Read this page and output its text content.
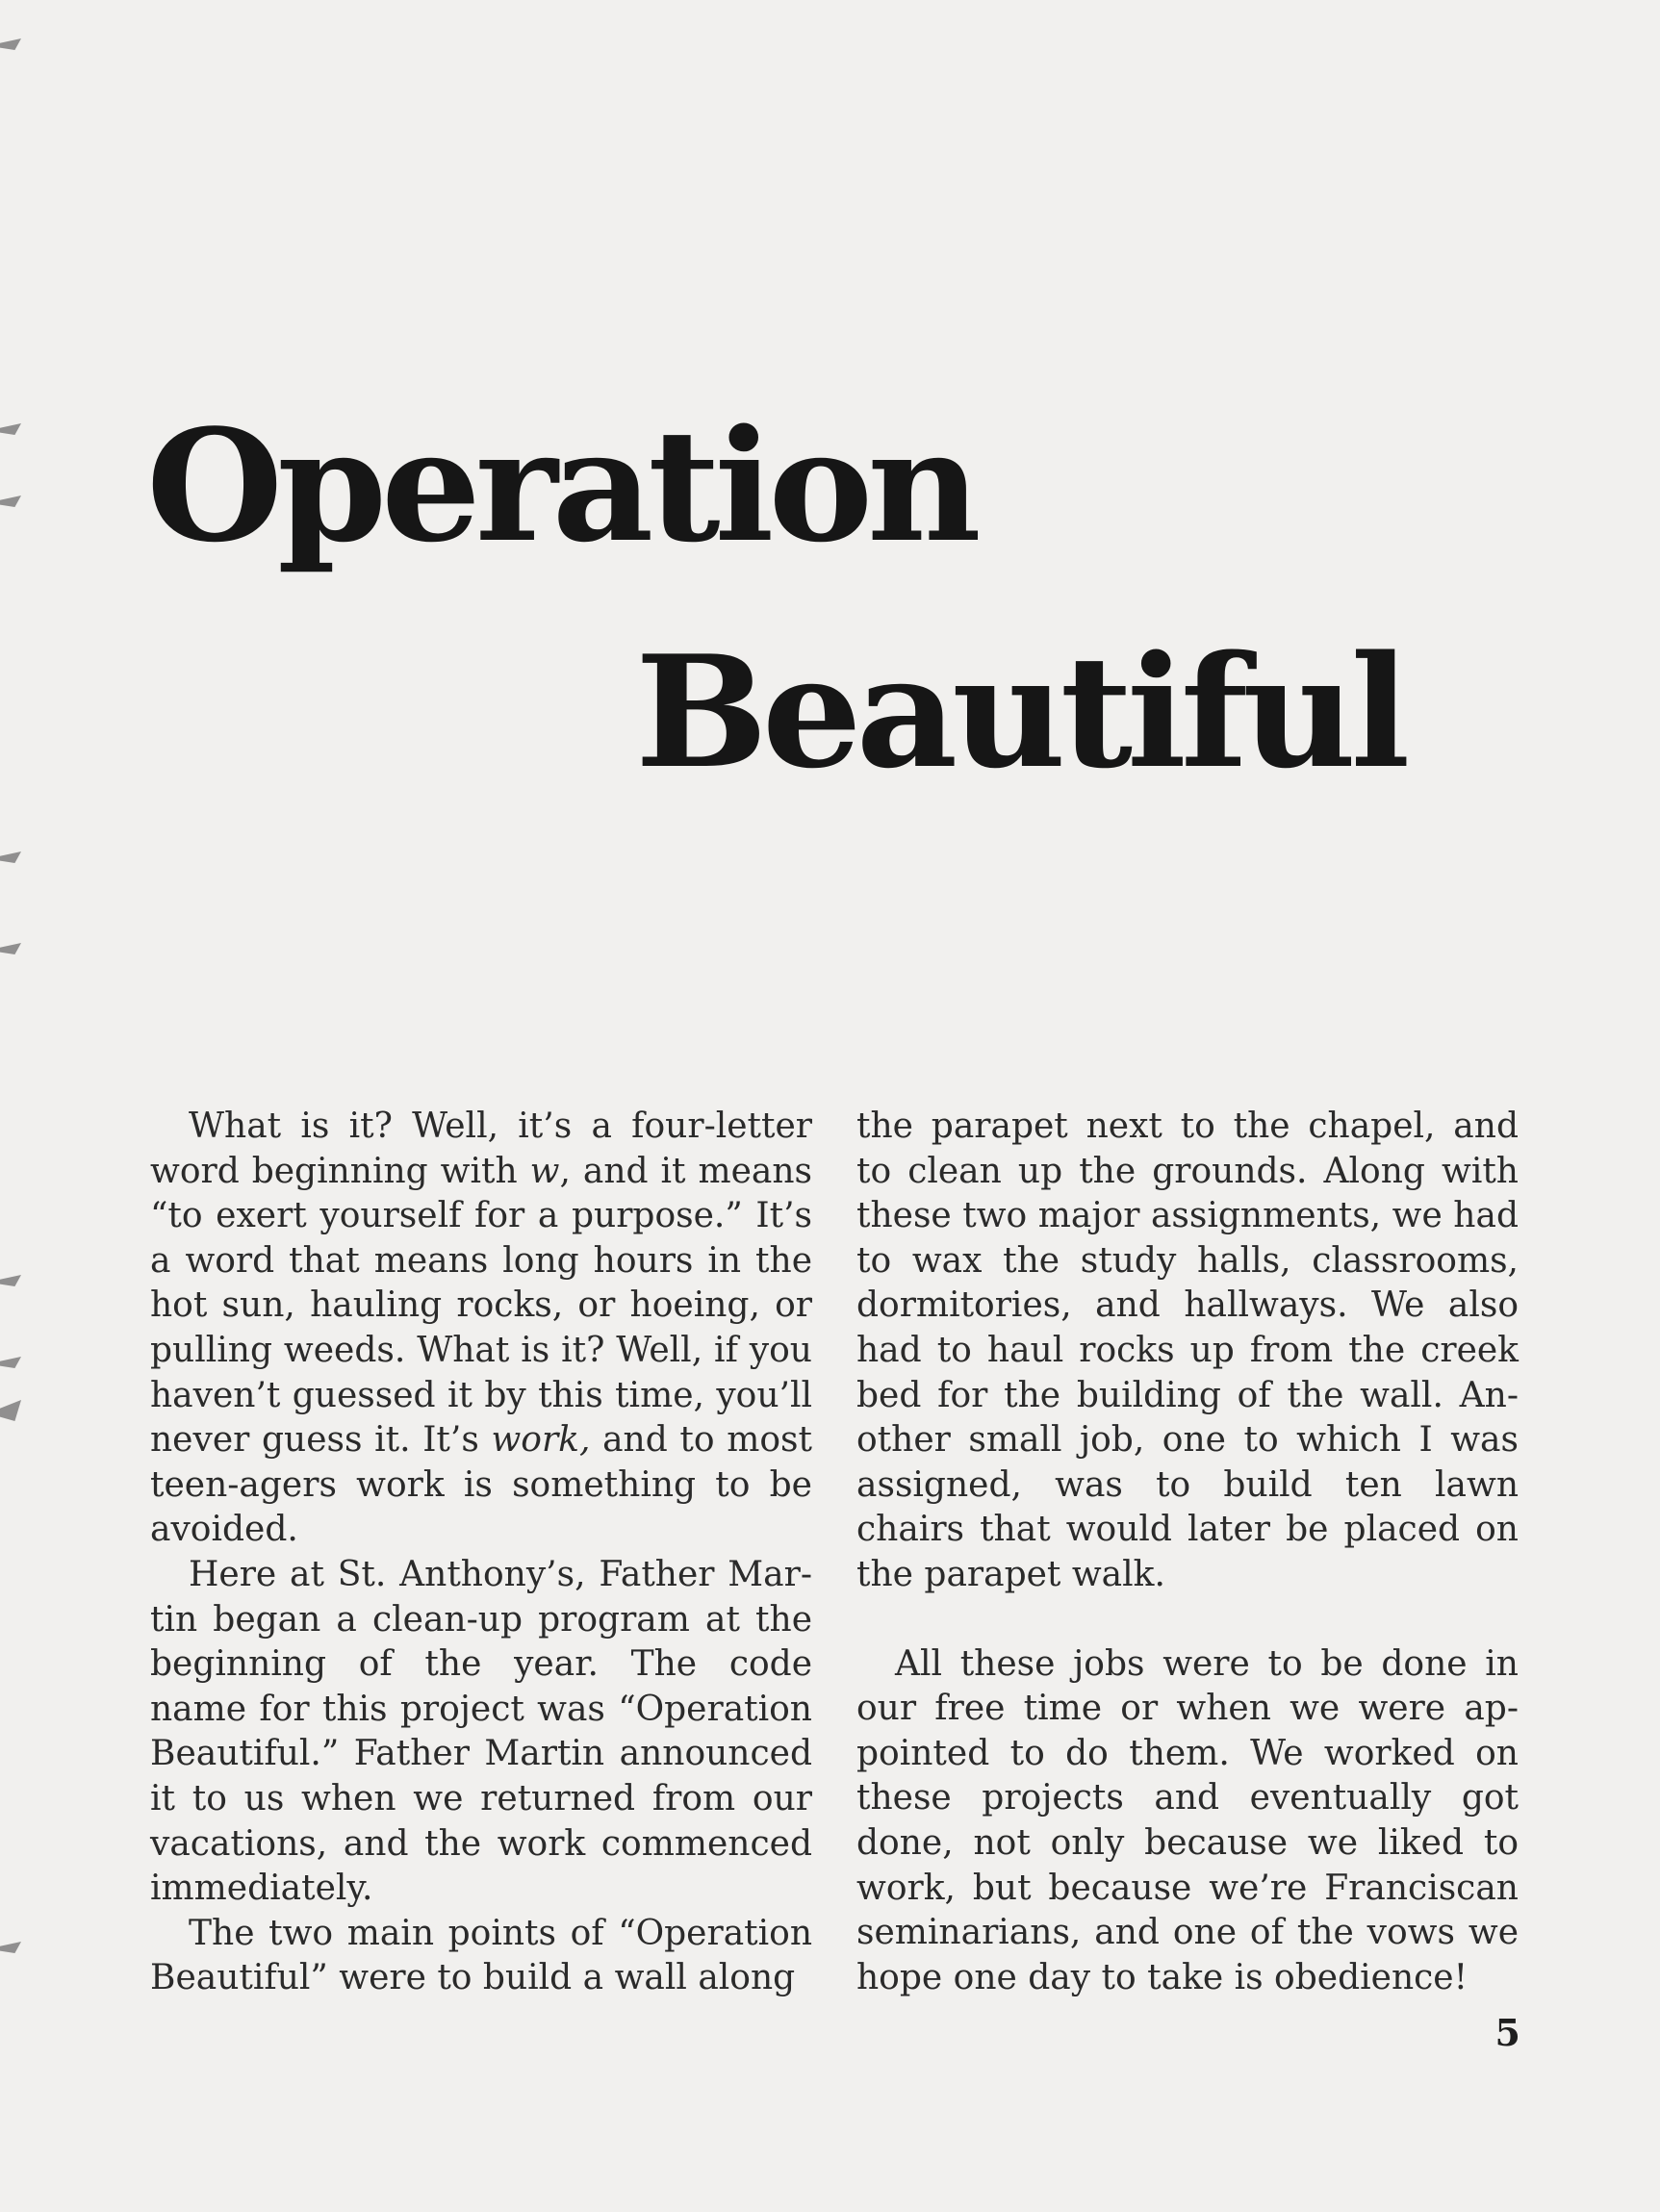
Operation
Beautiful

What is it? Well, it’s a four-letter word beginning with w, and it means “to exert yourself for a purpose.” It’s a word that means long hours in the hot sun, hauling rocks, or hoeing, or pulling weeds. What is it? Well, if you haven’t guessed it by this time, you’ll never guess it. It’s work, and to most teen-agers work is something to be avoided.

Here at St. Anthony’s, Father Mar-tin began a clean-up program at the beginning of the year. The code name for this project was “Operation Beautiful.” Father Martin announced it to us when we returned from our vacations, and the work commenced immediately.

The two main points of “Operation Beautiful” were to build a wall along

the parapet next to the chapel, and to clean up the grounds. Along with these two major assignments, we had to wax the study halls, classrooms, dormitories, and hallways. We also had to haul rocks up from the creek bed for the building of the wall. An-other small job, one to which I was assigned, was to build ten lawn chairs that would later be placed on the parapet walk.

All these jobs were to be done in our free time or when we were ap-pointed to do them. We worked on these projects and eventually got done, not only because we liked to work, but because we’re Franciscan seminarians, and one of the vows we hope one day to take is obedience!

5
